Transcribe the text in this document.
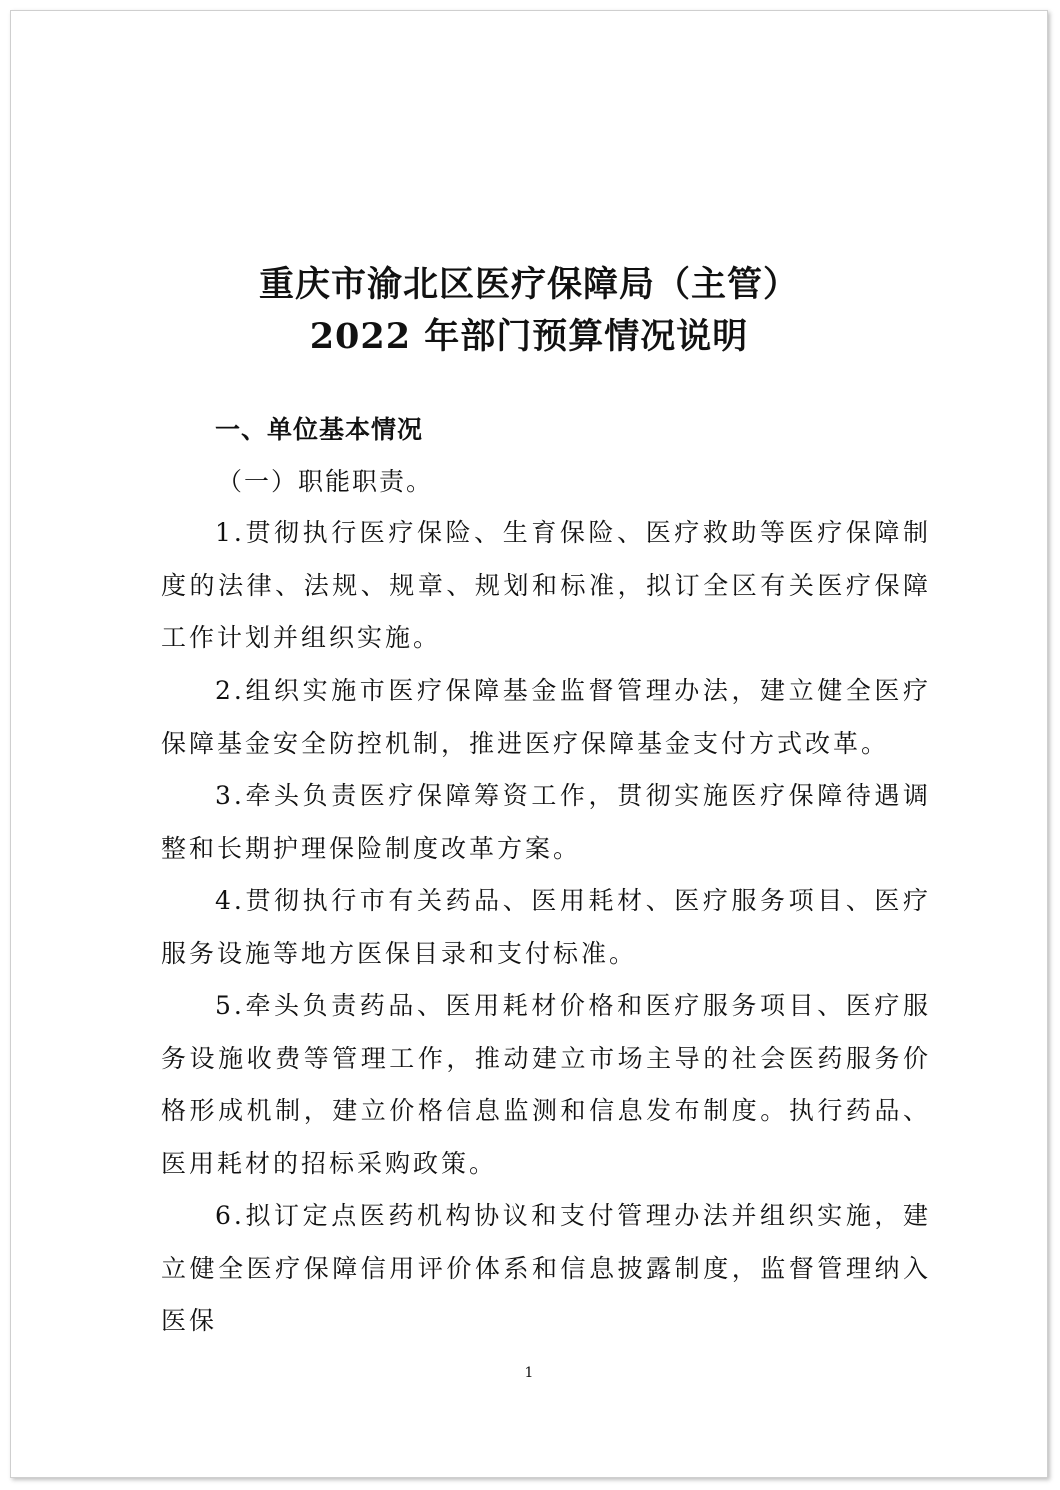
重庆市渝北区医疗保障局（主管）
2022 年部门预算情况说明
一、单位基本情况
（一）职能职责。

1.贯彻执行医疗保险、生育保险、医疗救助等医疗保障制度的法律、法规、规章、规划和标准，拟订全区有关医疗保障工作计划并组织实施。

2.组织实施市医疗保障基金监督管理办法，建立健全医疗保障基金安全防控机制，推进医疗保障基金支付方式改革。

3.牵头负责医疗保障筹资工作，贯彻实施医疗保障待遇调整和长期护理保险制度改革方案。

4.贯彻执行市有关药品、医用耗材、医疗服务项目、医疗服务设施等地方医保目录和支付标准。

5.牵头负责药品、医用耗材价格和医疗服务项目、医疗服务设施收费等管理工作，推动建立市场主导的社会医药服务价格形成机制，建立价格信息监测和信息发布制度。执行药品、医用耗材的招标采购政策。

6.拟订定点医药机构协议和支付管理办法并组织实施，建立健全医疗保障信用评价体系和信息披露制度，监督管理纳入医保

1
